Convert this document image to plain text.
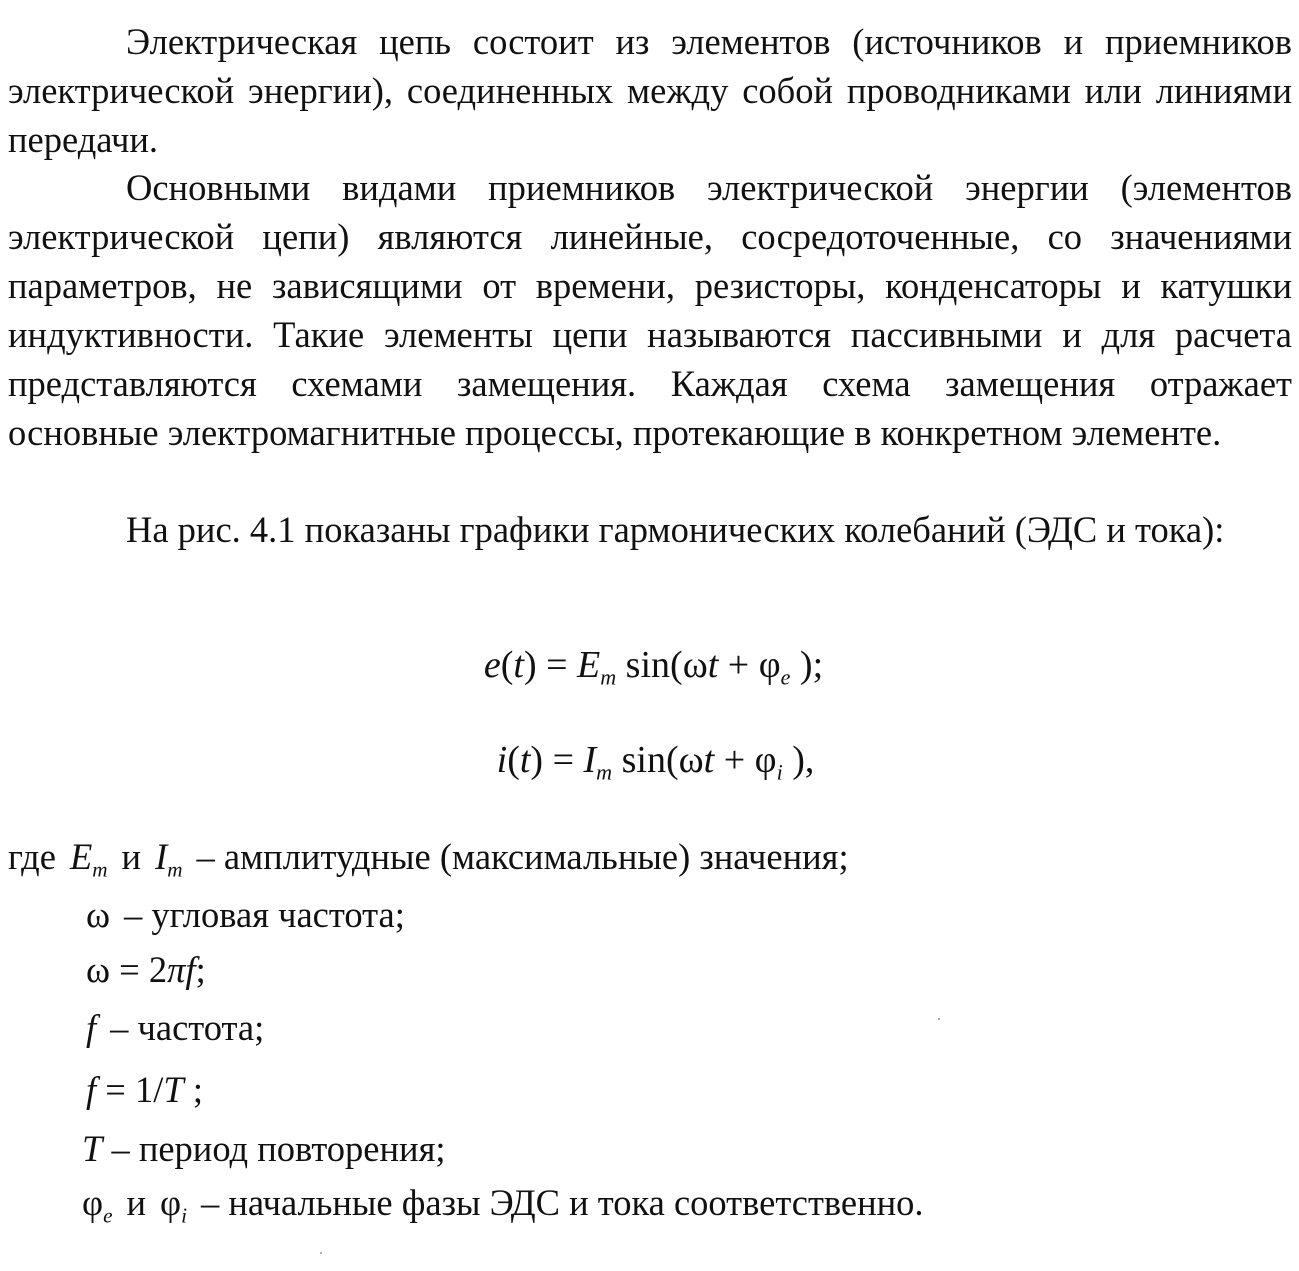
Электрическая цепь состоит из элементов (источников и приемников электрической энергии), соединенных между собой проводниками или линиями передачи.

Основными видами приемников электрической энергии (элементов электрической цепи) являются линейные, сосредоточенные, со значениями параметров, не зависящими от времени, резисторы, конденсаторы и катушки индуктивности. Такие элементы цепи называются пассивными и для расчета представляются схемами замещения. Каждая схема замещения отражает основные электромагнитные процессы, протекающие в конкретном элементе.

На рис. 4.1 показаны графики гармонических колебаний (ЭДС и тока):

$e(t) = E_m$ $\sin(\omega t + \varphi_e$ );
$i(t) = I_m$ $\sin(\omega t + \varphi_i$ ),
где $E_m$ и $I_m$ – амплитудные (максимальные) значения;
ω – угловая частота;
ω = 2πf;
f – частота;
f = 1/T ;
T – период повторения;
$\varphi_e$ и $\varphi_i$ – начальные фазы ЭДС и тока соответственно.
